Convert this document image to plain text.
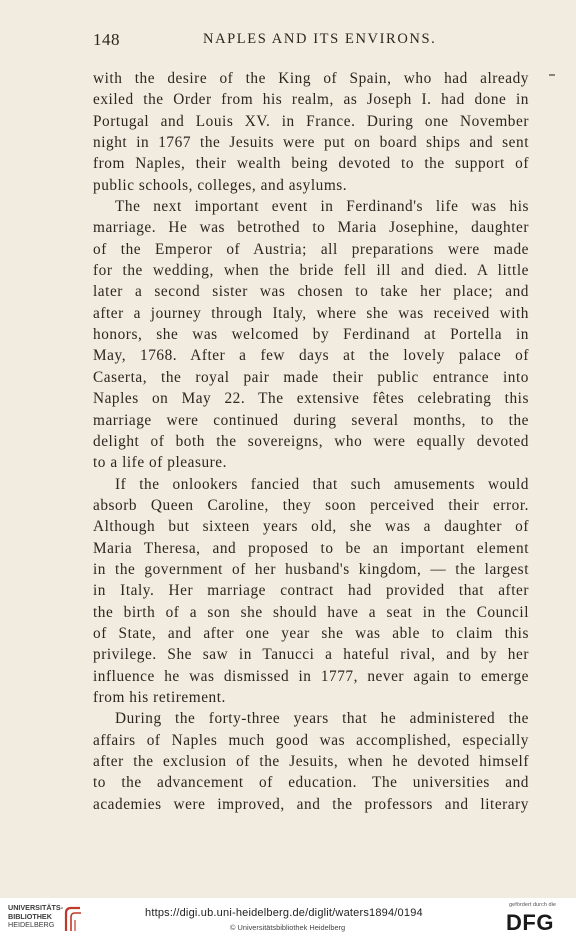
148	NAPLES AND ITS ENVIRONS.
with the desire of the King of Spain, who had already
exiled the Order from his realm, as Joseph I. had done in
Portugal and Louis XV. in France. During one November
night in 1767 the Jesuits were put on board ships and sent
from Naples, their wealth being devoted to the support of
public schools, colleges, and asylums.
The next important event in Ferdinand's life was his
marriage. He was betrothed to Maria Josephine, daughter
of the Emperor of Austria; all preparations were made
for the wedding, when the bride fell ill and died. A little
later a second sister was chosen to take her place; and
after a journey through Italy, where she was received with
honors, she was welcomed by Ferdinand at Portella in
May, 1768. After a few days at the lovely palace of
Caserta, the royal pair made their public entrance into
Naples on May 22. The extensive fêtes celebrating this
marriage were continued during several months, to the
delight of both the sovereigns, who were equally devoted
to a life of pleasure.
If the onlookers fancied that such amusements would
absorb Queen Caroline, they soon perceived their error.
Although but sixteen years old, she was a daughter of
Maria Theresa, and proposed to be an important element
in the government of her husband's kingdom, — the largest
in Italy. Her marriage contract had provided that after
the birth of a son she should have a seat in the Council
of State, and after one year she was able to claim this
privilege. She saw in Tanucci a hateful rival, and by her
influence he was dismissed in 1777, never again to emerge
from his retirement.
During the forty-three years that he administered the
affairs of Naples much good was accomplished, especially
after the exclusion of the Jesuits, when he devoted himself
to the advancement of education. The universities and
academies were improved, and the professors and literary
UNIVERSITÄTS-
BIBLIOTHEK
HEIDELBERG
https://digi.ub.uni-heidelberg.de/diglit/waters1894/0194
© Universitätsbibliothek Heidelberg
gefördert durch die
DFG
